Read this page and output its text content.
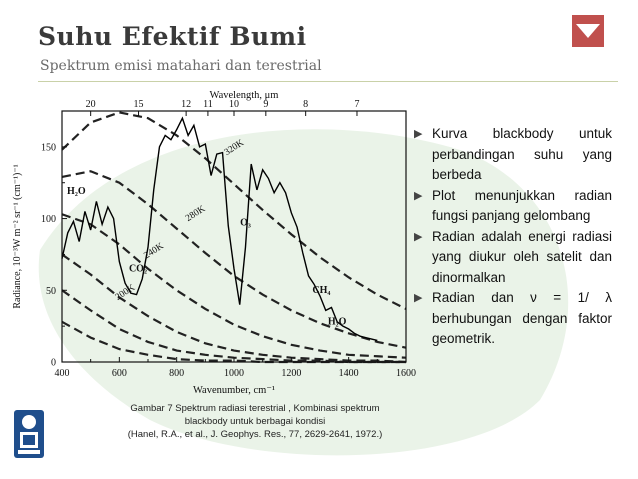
Suhu Efektif Bumi
Spektrum emisi matahari dan terestrial
400	600	800	1000	1200	1400	1600
0
50
100
150
20	15	12 11 10 9	8	7
Wavenumber, cm⁻¹
Wavelength, μm
Radiance, 10⁻³W m⁻² sr⁻¹ (cm⁻¹)⁻¹	H₂O
CO₂
O₃
CH₄
H₂O
320K
280K
240K
200K
Gambar 7 Spektrum radiasi terestrial , Kombinasi spektrum
blackbody untuk berbagai kondisi
(Hanel, R.A., et al., J. Geophys. Res., 77, 2629-2641, 1972.)
▶ Kurva blackbody untuk perbandingan suhu yang berbeda
▶ Plot menunjukkan radian fungsi panjang gelombang
▶ Radian adalah energi radiasi yang diukur oleh satelit dan dinormalkan
▶ Radian dan ν = 1/ λ berhubungan dengan faktor geometrik.
